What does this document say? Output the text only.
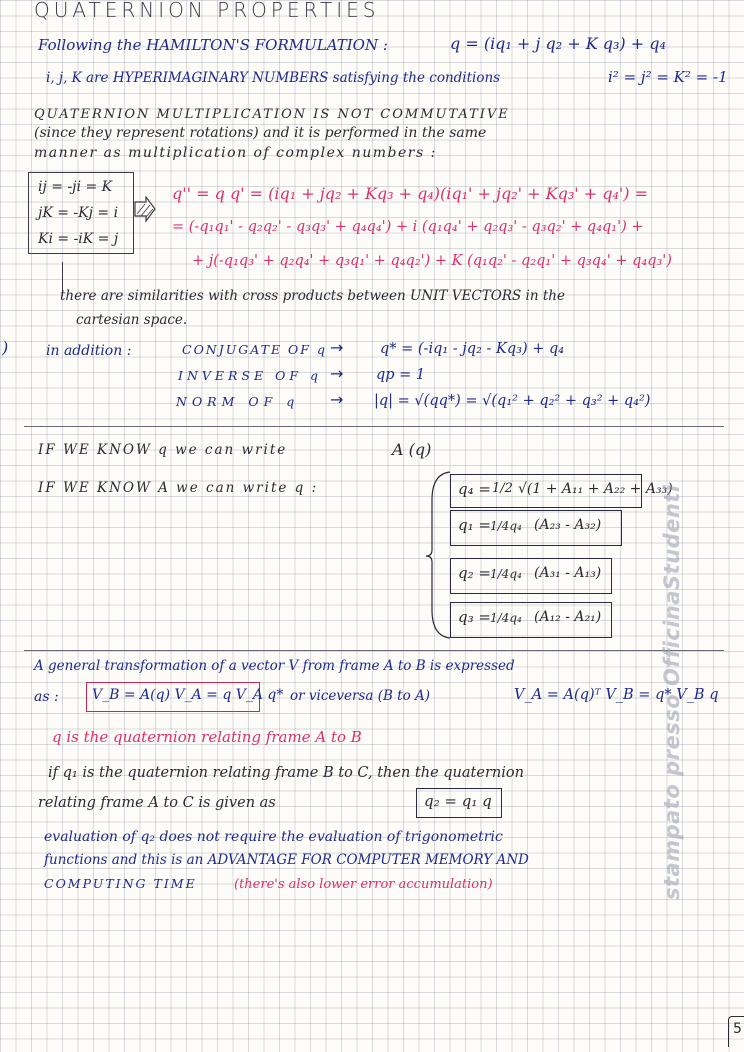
QUATERNION PROPERTIES
Following the HAMILTON'S FORMULATION :	q = (iq₁ + j q₂ + K q₃) + q₄
i, j, K are HYPERIMAGINARY NUMBERS satisfying the conditions	i² = j² = K² = -1
QUATERNION MULTIPLICATION IS NOT COMMUTATIVE
(since they represent rotations) and it is performed in the same
manner as multiplication of complex numbers :
ij = -ji = K
jK = -Kj = i
Ki = -iK = j
q'' = q q' = (iq₁ + jq₂ + Kq₃ + q₄)(iq₁' + jq₂' + Kq₃' + q₄') =
= (-q₁q₁' - q₂q₂' - q₃q₃' + q₄q₄') + i (q₁q₄' + q₂q₃' - q₃q₂' + q₄q₁') +
+ j(-q₁q₃' + q₂q₄' + q₃q₁' + q₄q₂') + K (q₁q₂' - q₂q₁' + q₃q₄' + q₄q₃')
there are similarities with cross products between UNIT VECTORS in the
cartesian space.
)	in addition :	CONJUGATE OF q →	q* = (-iq₁ - jq₂ - Kq₃) + q₄
INVERSE OF q → qp = 1
NORM OF q → |q| = √(qq*) = √(q₁² + q₂² + q₃² + q₄²)
IF WE KNOW q we can write	A (q)
IF WE KNOW A we can write q :	q₄ = 1/2 √(1 + A₁₁ + A₂₂ + A₃₃)
q₁ = 1/4q₄ (A₂₃ - A₃₂)
q₂ = 1/4q₄ (A₃₁ - A₁₃)
q₃ = 1/4q₄ (A₁₂ - A₂₁)
A general transformation of a vector V from frame A to B is expressed
as : V_B = A(q) V_A = q V_A q* or viceversa (B to A)	V_A = A(q)ᵀ V_B = q* V_B q
q is the quaternion relating frame A to B
if q₁ is the quaternion relating frame B to C, then the quaternion
relating frame A to C is given as	q₂ = q₁ q
evaluation of q₂ does not require the evaluation of trigonometric
functions and this is an ADVANTAGE FOR COMPUTER MEMORY AND
COMPUTING TIME	(there's also lower error accumulation)	stampato presso OfficinaStudenti
5
